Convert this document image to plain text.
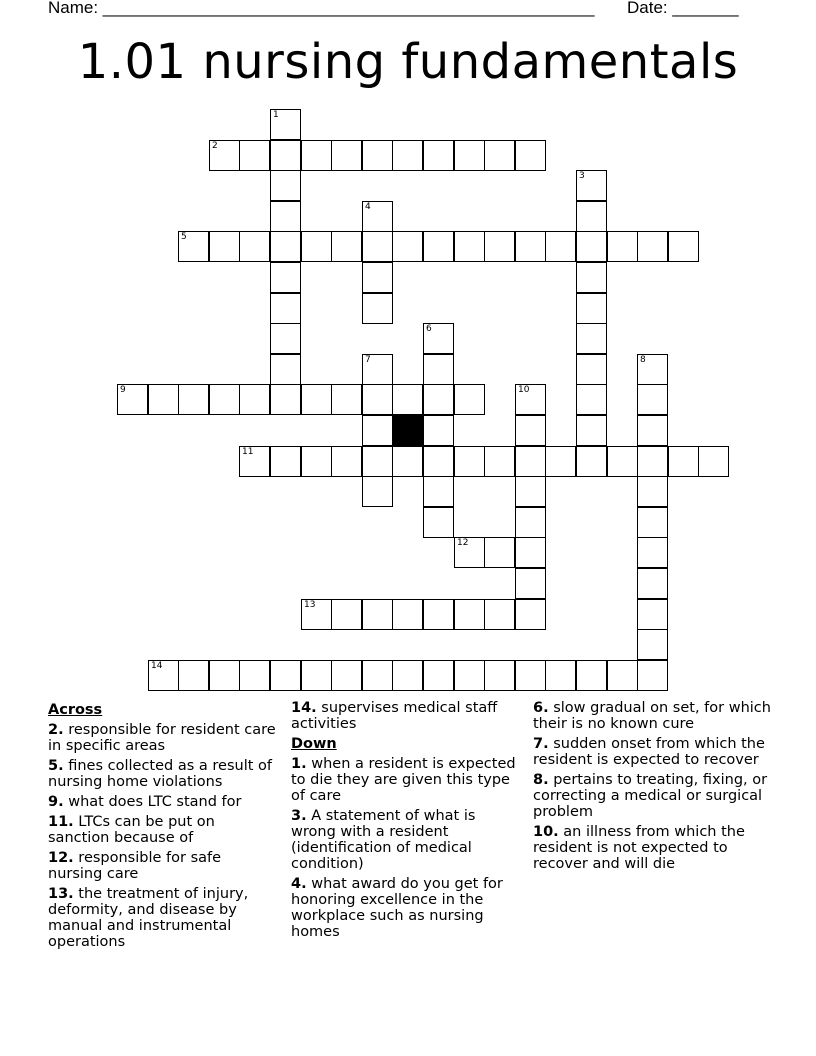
Name: ____________________________________________________ Date: _______
1.01 nursing fundamentals
1
2
3
4
5
6
7	8
9	10
11
12
13
14
Across
2. responsible for resident care in specific areas
5. fines collected as a result of nursing home violations
9. what does LTC stand for
11. LTCs can be put on sanction because of
12. responsible for safe nursing care
13. the treatment of injury, deformity, and disease by manual and instrumental operations
14. supervises medical staff activities
Down
1. when a resident is expected to die they are given this type of care
3. A statement of what is wrong with a resident (identification of medical condition)
4. what award do you get for honoring excellence in the workplace such as nursing homes
6. slow gradual on set, for which their is no known cure
7. sudden onset from which the resident is expected to recover
8. pertains to treating, fixing, or correcting a medical or surgical problem
10. an illness from which the resident is not expected to recover and will die
